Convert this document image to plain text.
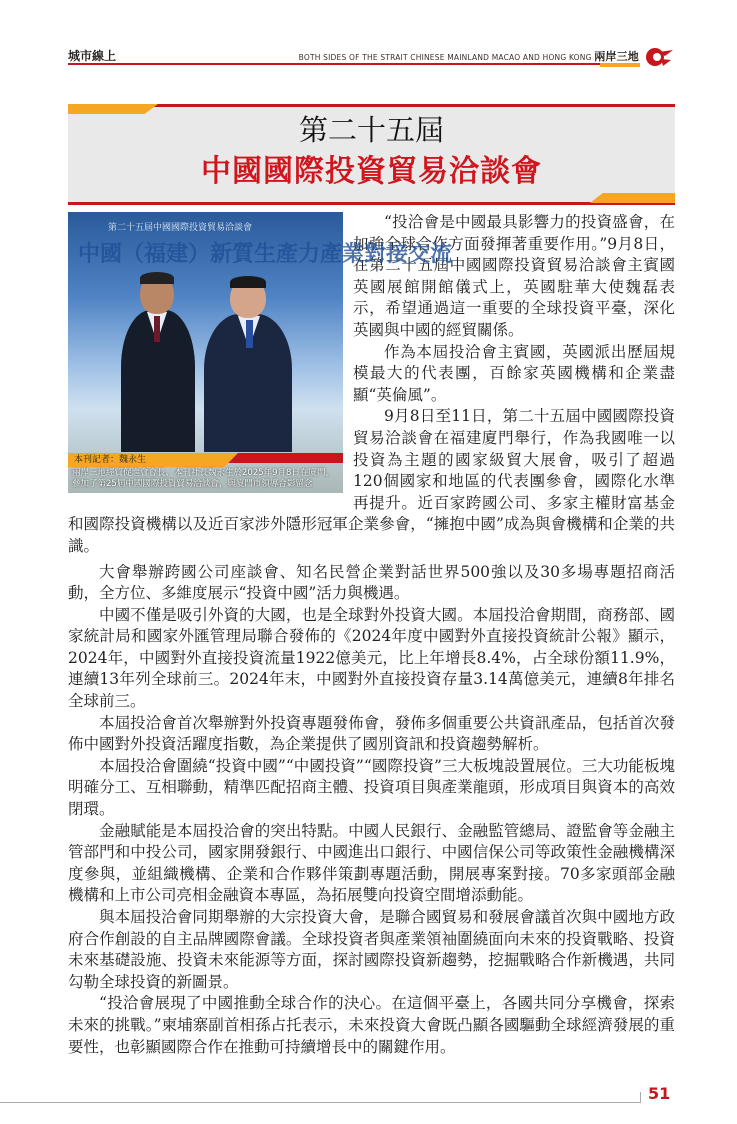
城市線上	BOTH SIDES OF THE STRAIT CHINESE MAINLAND MACAO AND HONG KONG 兩岸三地
第二十五屆
中國國際投資貿易洽談會
第二十五屆中國國際投資貿易洽談會
中國（福建）新質生產力產業對接交流
本刊記者：魏永生
兩岸三地經貿促進會會長、本刊社長魏永生於2025年9月8日在廈門，參加了第25屆中國國際投資貿易洽談會，與廈門市領導合影留念

“投洽會是中國最具影響力的投資盛會，在加強全球合作方面發揮著重要作用。”9月8日，在第二十五屆中國國際投資貿易洽談會主賓國英國展館開館儀式上，英國駐華大使魏磊表示，希望通過這一重要的全球投資平臺，深化英國與中國的經貿關係。

作為本屆投洽會主賓國，英國派出歷屆規模最大的代表團，百餘家英國機構和企業盡顯“英倫風”。

9月8日至11日，第二十五屆中國國際投資貿易洽談會在福建廈門舉行，作為我國唯一以投資為主題的國家級貿大展會，吸引了超過120個國家和地區的代表團參會，國際化水準再提升。近百家跨國公司、多家主權財富基金和國際投資機構以及近百家涉外隱形冠軍企業參會，“擁抱中國”成為與會機構和企業的共識。

大會舉辦跨國公司座談會、知名民營企業對話世界500強以及30多場專題招商活動，全方位、多維度展示“投資中國”活力與機遇。

中國不僅是吸引外資的大國，也是全球對外投資大國。本屆投洽會期間，商務部、國家統計局和國家外匯管理局聯合發佈的《2024年度中國對外直接投資統計公報》顯示，2024年，中國對外直接投資流量1922億美元，比上年增長8.4%，占全球份額11.9%，連續13年列全球前三。2024年末，中國對外直接投資存量3.14萬億美元，連續8年排名全球前三。

本屆投洽會首次舉辦對外投資專題發佈會，發佈多個重要公共資訊產品，包括首次發佈中國對外投資活躍度指數，為企業提供了國別資訊和投資趨勢解析。

本屆投洽會圍繞“投資中國”“中國投資”“國際投資”三大板塊設置展位。三大功能板塊明確分工、互相聯動，精準匹配招商主體、投資項目與產業龍頭，形成項目與資本的高效閉環。

金融賦能是本屆投洽會的突出特點。中國人民銀行、金融監管總局、證監會等金融主管部門和中投公司，國家開發銀行、中國進出口銀行、中國信保公司等政策性金融機構深度參與，並組織機構、企業和合作夥伴策劃專題活動，開展專案對接。70多家頭部金融機構和上市公司亮相金融資本專區，為拓展雙向投資空間增添動能。

與本屆投洽會同期舉辦的大宗投資大會，是聯合國貿易和發展會議首次與中國地方政府合作創設的自主品牌國際會議。全球投資者與產業領袖圍繞面向未來的投資戰略、投資未來基礎設施、投資未來能源等方面，探討國際投資新趨勢，挖掘戰略合作新機遇，共同勾勒全球投資的新圖景。

“投洽會展現了中國推動全球合作的決心。在這個平臺上，各國共同分享機會，探索未來的挑戰。”柬埔寨副首相孫占托表示，未來投資大會既凸顯各國驅動全球經濟發展的重要性，也彰顯國際合作在推動可持續增長中的關鍵作用。

51
